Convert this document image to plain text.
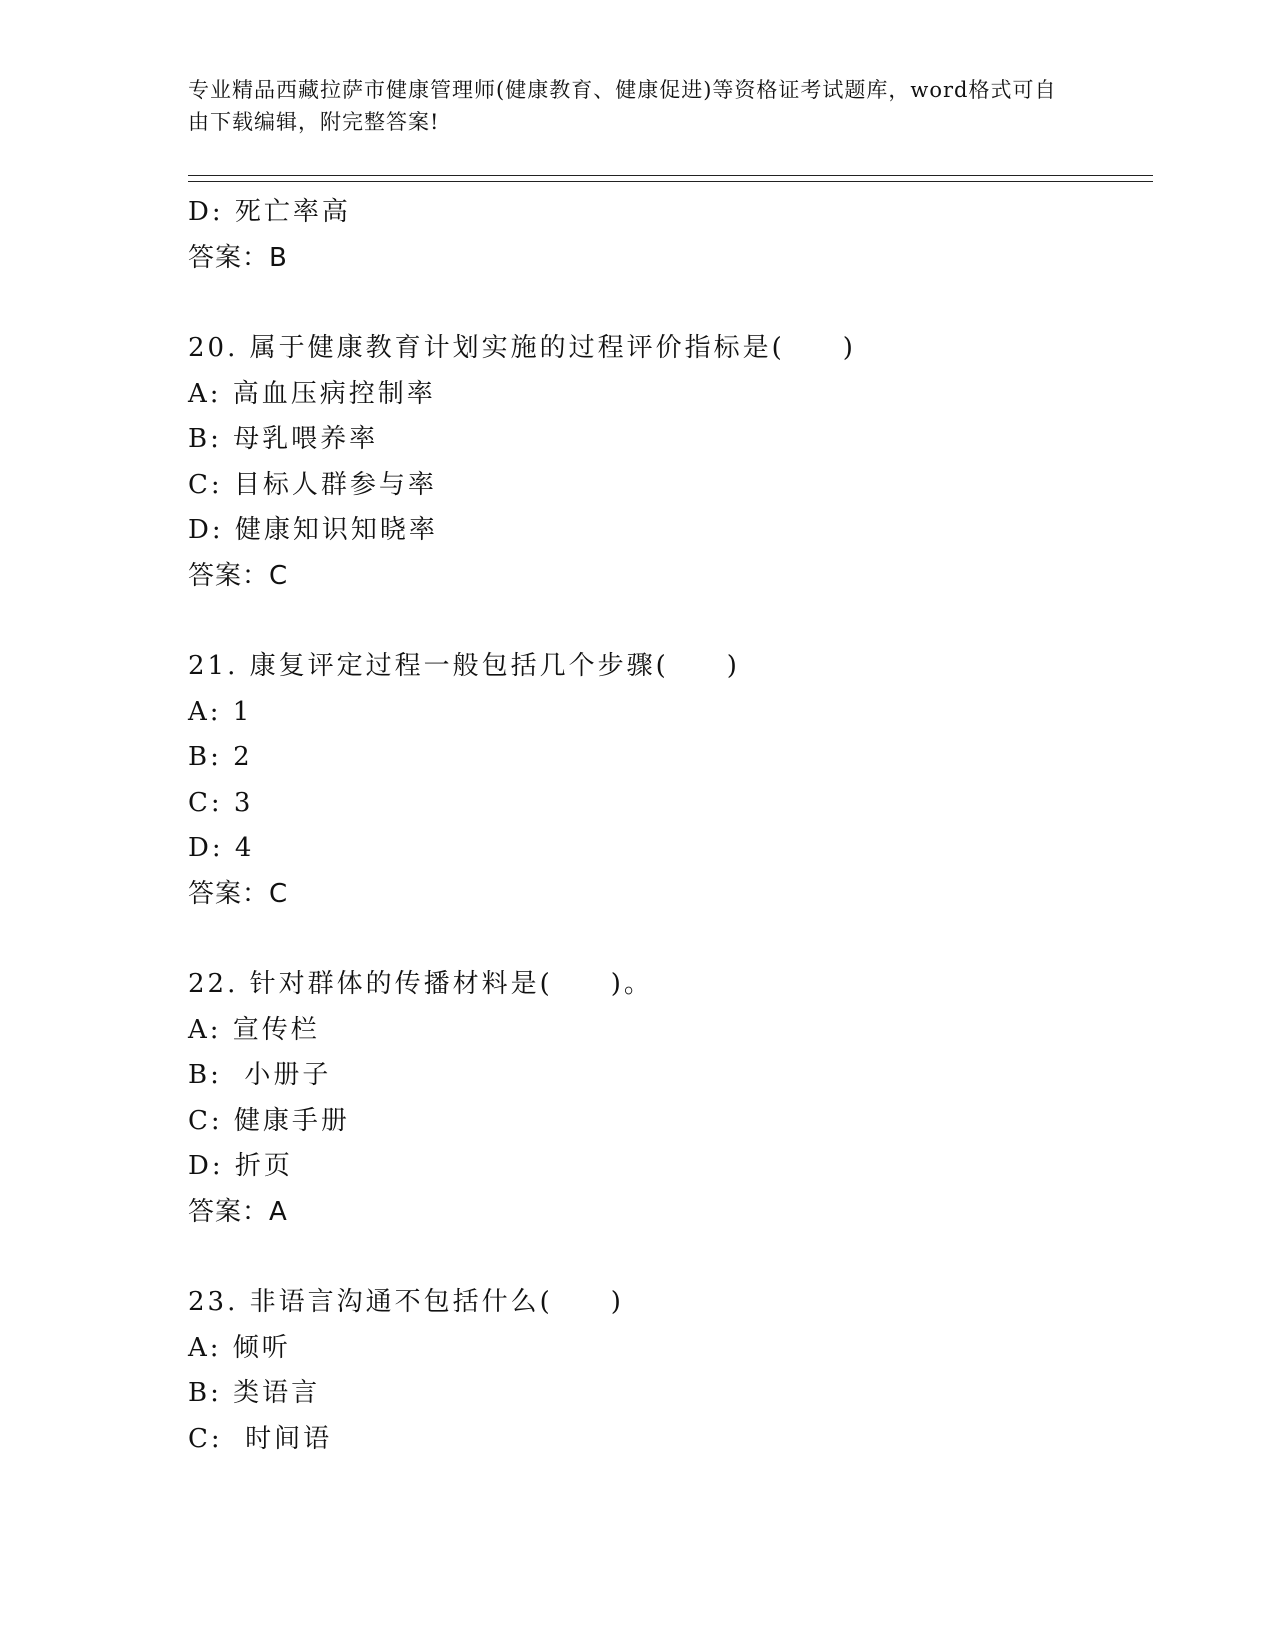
专业精品西藏拉萨市健康管理师(健康教育、健康促进)等资格证考试题库，word格式可自由下载编辑，附完整答案!
D: 死亡率高
答案：B
20. 属于健康教育计划实施的过程评价指标是(　　)
A: 高血压病控制率
B: 母乳喂养率
C: 目标人群参与率
D: 健康知识知晓率
答案：C
21. 康复评定过程一般包括几个步骤(　　)
A: 1
B: 2
C: 3
D: 4
答案：C
22. 针对群体的传播材料是(　　)。
A: 宣传栏
B:  小册子
C: 健康手册
D: 折页
答案：A
23. 非语言沟通不包括什么(　　)
A: 倾听
B: 类语言
C:  时间语
